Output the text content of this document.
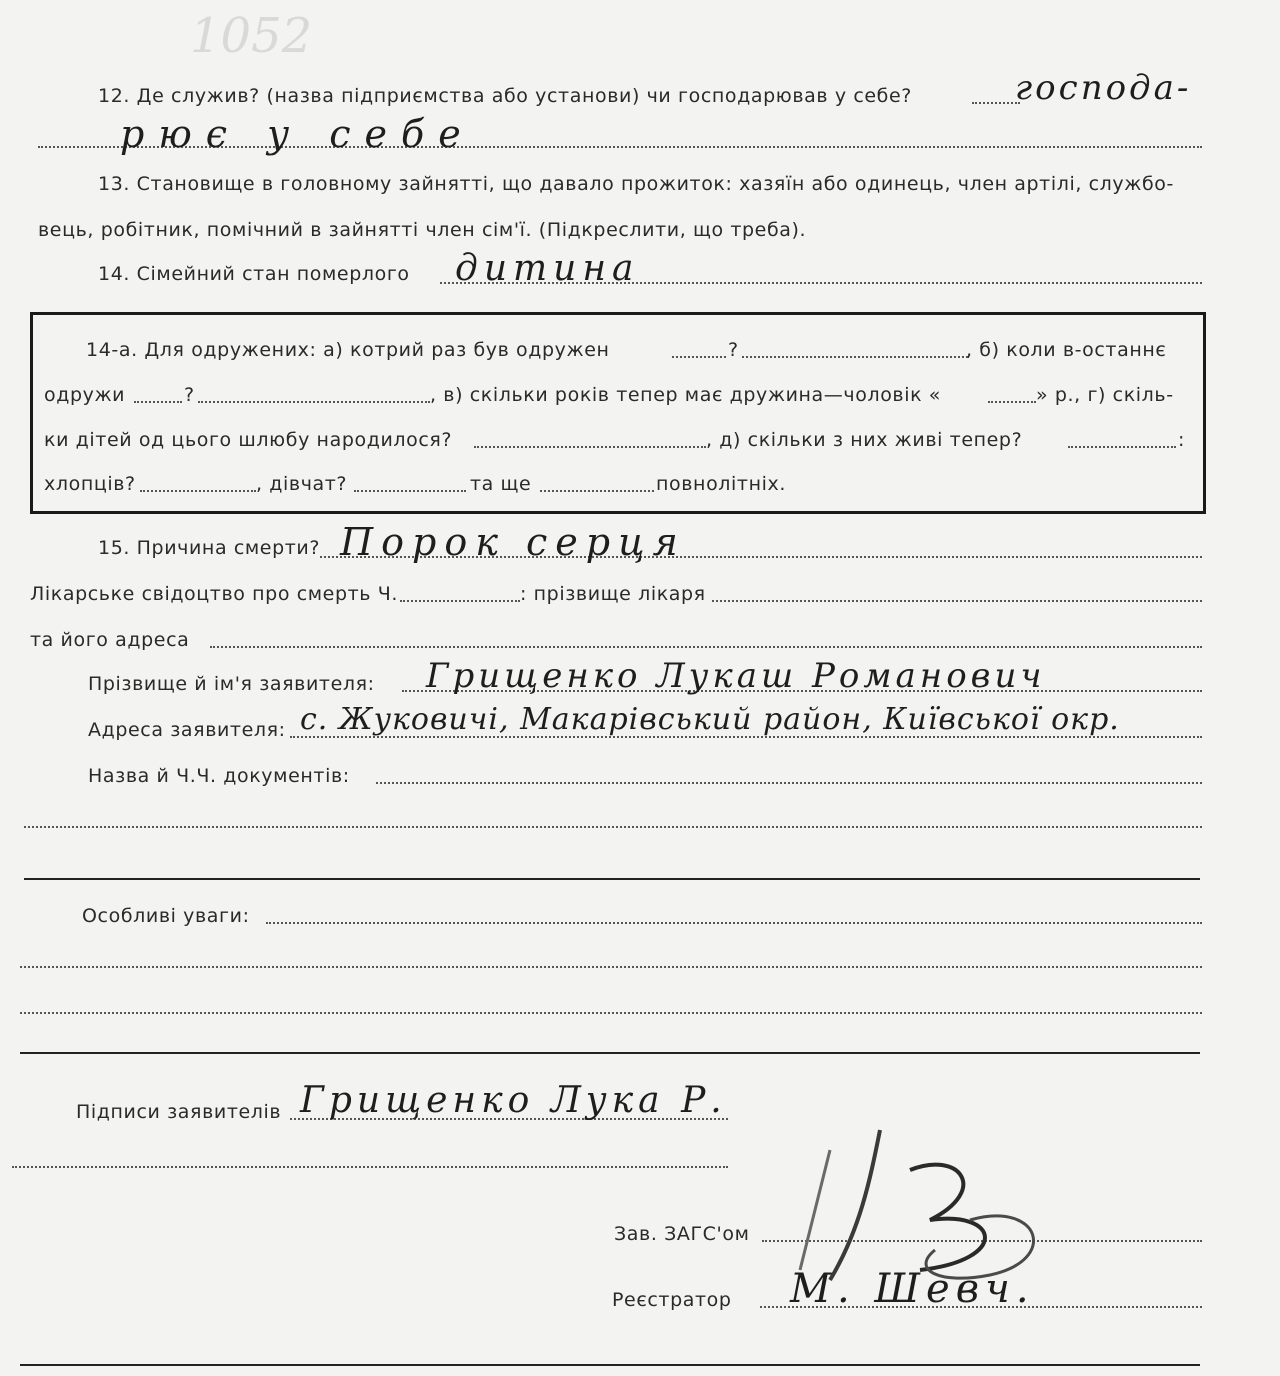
1052
12. Де служив? (назва підприємства або установи) чи господарював у себе?	господа-
рює у себе
13. Становище в головному зайнятті, що давало прожиток: хазяїн або одинець, член артілі, службо-
вець, робітник, помічний в зайнятті член сім'ї. (Підкреслити, що треба).
14. Сімейний стан померлого дитина
14-а. Для одружених: а) котрий раз був одружен	?	, б) коли в-останнє
одружи	?	, в) скільки років тепер має дружина—чоловік «	» р., г) скіль-
ки дітей од цього шлюбу народилося?	, д) скільки з них живі тепер?	:
хлопців?	, дівчат?	та ще	повнолітніх.
15. Причина смерти? Порок серця
Лікарське свідоцтво про смерть Ч.	: прізвище лікаря
та його адреса
Прізвище й ім'я заявителя: Грищенко Лукаш Романович
Адреса заявителя: с. Жуковичі, Макарівський район, Київської окр.
Назва й Ч.Ч. документів:
Особливі уваги:
Підписи заявителів Грищенко Лука Р.
Зав. ЗАГС'ом
Реєстратор М. Шевч.
